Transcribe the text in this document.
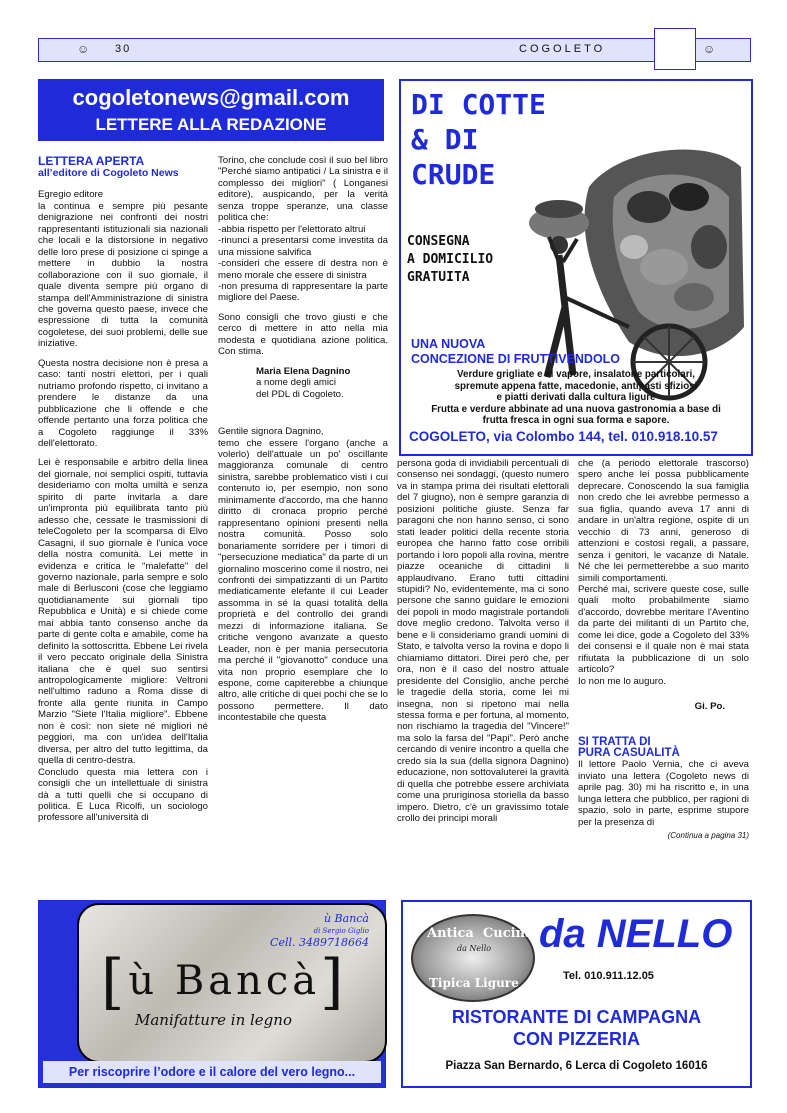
☺ 30	COGOLETO	☺
cogoletonews@gmail.com
LETTERE ALLA REDAZIONE
LETTERA APERTA
all’editore di Cogoleto News
Egregio editore

la continua e sempre più pesante denigrazione nei confronti dei nostri rappresentanti istituzionali sia nazionali che locali e la distorsione in negativo delle loro prese di posizione ci spinge a mettere in dubbio la nostra collaborazione con il suo giornale, il quale diventa sempre più organo di stampa dell'Amministrazione di sinistra che governa questo paese, invece che espressione di tutta la comunità cogoletese, dei suoi problemi, delle sue iniziative.

Questa nostra decisione non è presa a caso: tanti nostri elettori, per i quali nutriamo profondo rispetto, ci invitano a prendere le distanze da una pubblicazione che li offende e che offende pertanto una forza politica che a Cogoleto raggiunge il 33% dell'elettorato.

Lei è responsabile e arbitro della linea del giornale, noi semplici ospiti, tuttavia desideriamo con molta umiltà e senza spirito di parte invitarla a dare un'impronta più equilibrata tanto più adesso che, cessate le trasmissioni di teleCogoleto per la scomparsa di Elvo Casagni, il suo giornale è l'unica voce della nostra comunità. Lei mette in evidenza e critica le "malefatte" del governo nazionale, parla sempre e solo male di Berlusconi (cose che leggiamo quotidianamente sui giornali tipo Repubblica e Unità) e si chiede come mai abbia tanto consenso anche da parte di gente colta e amabile, come ha definito la sottoscritta. Ebbene Lei rivela il vero peccato originale della Sinistra italiana che è quel suo sentirsi antropologicamente migliore: Veltroni nell'ultimo raduno a Roma disse di fronte alla gente riunita in Campo Marzio "Siete l'Italia migliore". Ebbene non è così: non siete né migliori né peggiori, ma con un'idea dell'Italia diversa, per altro del tutto legittima, da quella di centro-destra.

Concludo questa mia lettera con i consigli che un intellettuale di sinistra dà a tutti quelli che si occupano di politica. E Luca Ricolfi, un sociologo professore all'università di

Torino, che conclude così il suo bel libro "Perché siamo antipatici / La sinistra e il complesso dei migliori" ( Longanesi editore), auspicando, per la verità senza troppe speranze, una classe politica che:
-abbia rispetto per l'elettorato altrui
-rinunci a presentarsi come investita da una missione salvifica
-consideri che essere di destra non è meno morale che essere di sinistra

-non presuma di rappresentare la parte migliore del Paese.

Sono consigli che trovo giusti e che cerco di mettere in atto nella mia modesta e quotidiana azione politica. Con stima.

Maria Elena Dagnino
a nome degli amici
del PDL di Cogoleto.
Gentile signora Dagnino,
temo che essere l'organo (anche a volerlo) dell'attuale un po' oscillante maggioranza comunale di centro sinistra, sarebbe problematico visti i cui contenuto io, per esempio, non sono minimamente d'accordo, ma che hanno diritto di cronaca proprio perché rappresentano opinioni presenti nella nostra comunità. Posso solo bonariamente sorridere per i timori di "persecuzione mediatica" da parte di un giornalino moscerino come il nostro, nei confronti dei simpatizzanti di un Partito mediaticamente elefante il cui Leader assomma in sé la quasi totalità della proprietà e del controllo dei grandi mezzi di informazione italiana. Se critiche vengono avanzate a questo Leader, non è per mania persecutoria ma perché il "giovanotto" conduce una vita non proprio esemplare che lo espone, come capiterebbe a chiunque altro, alle critiche di quei pochi che se lo possono permettere. Il dato incontestabile che questa
persona goda di invidiabili percentuali di consenso nei sondaggi, (questo numero va in stampa prima dei risultati elettorali del 7 giugno), non è sempre garanzia di posizioni politiche giuste. Senza far paragoni che non hanno senso, ci sono stati leader politici della recente storia europea che hanno fatto cose orribili portando i loro popoli alla rovina, mentre piazze oceaniche di cittadini li applaudivano. Erano tutti cittadini stupidi? No, evidentemente, ma ci sono persone che sanno guidare le emozioni dei popoli in modo magistrale portandoli dove meglio credono. Talvolta verso il bene e li consideriamo grandi uomini di Stato, e talvolta verso la rovina e dopo li chiamiamo dittatori. Direi però che, per ora, non è il caso del nostro attuale presidente del Consiglio, anche perché le tragedie della storia, come lei mi insegna, non si ripetono mai nella stessa forma e per fortuna, al momento, non rischiamo la tragedia del "Vincere!" ma solo la farsa del "Papi". Però anche cercando di venire incontro a quella che credo sia la sua (della signora Dagnino) educazione, non sottovaluterei la gravità di quella che potrebbe essere archiviata come una pruriginosa storiella da basso impero. Dietro, c'è un gravissimo totale crollo dei principi morali
che (a periodo elettorale trascorso) spero anche lei possa pubblicamente deprecare. Conoscendo la sua famiglia non credo che lei avrebbe permesso a sua figlia, quando aveva 17 anni di andare in un'altra regione, ospite di un vecchio di 73 anni, generoso di attenzioni e costosi regali, a passare, senza i genitori, le vacanze di Natale. Né che lei permetterebbe a suo marito simili comportamenti.
Perché mai, scrivere queste cose, sulle quali molto probabilmente siamo d'accordo, dovrebbe meritare l'Aventino da parte dei militanti di un Partito che, come lei dice, gode a Cogoleto del 33% dei consensi e il quale non è mai stata rifiutata la pubblicazione di un solo articolo?
Io non me lo auguro.
Gi. Po.
SI TRATTA DI
PURA CASUALITÀ
Il lettore Paolo Vernia, che ci aveva inviato una lettera (Cogoleto news di aprile pag. 30) mi ha riscritto e, in una lunga lettera che pubblico, per ragioni di spazio, solo in parte, esprime stupore per la presenza di
(Continua a pagina 31)
DI COTTE
& DI
CRUDE
CONSEGNA
A DOMICILIO
GRATUITA
UNA NUOVA
CONCEZIONE DI FRUTTIVENDOLO
Verdure grigliate e al vapore, insalatone particolari,
spremute appena fatte, macedonie, antipasti sfiziosi
e piatti derivati dalla cultura ligure
Frutta e verdure abbinate ad una nuova gastronomia a base di
frutta fresca in ogni sua forma e sapore.
COGOLETO, via Colombo 144, tel. 010.918.10.57
ù Bancà
di Sergio Giglio
Cell. 3489718664
[ù Bancà]
Manifatture in legno
Per riscoprire l’odore e il calore del vero legno...
Antica Cucina
da Nello
Tipica Ligure
da NELLO
Tel. 010.911.12.05
RISTORANTE DI CAMPAGNA
CON PIZZERIA
Piazza San Bernardo, 6 Lerca di Cogoleto 16016
